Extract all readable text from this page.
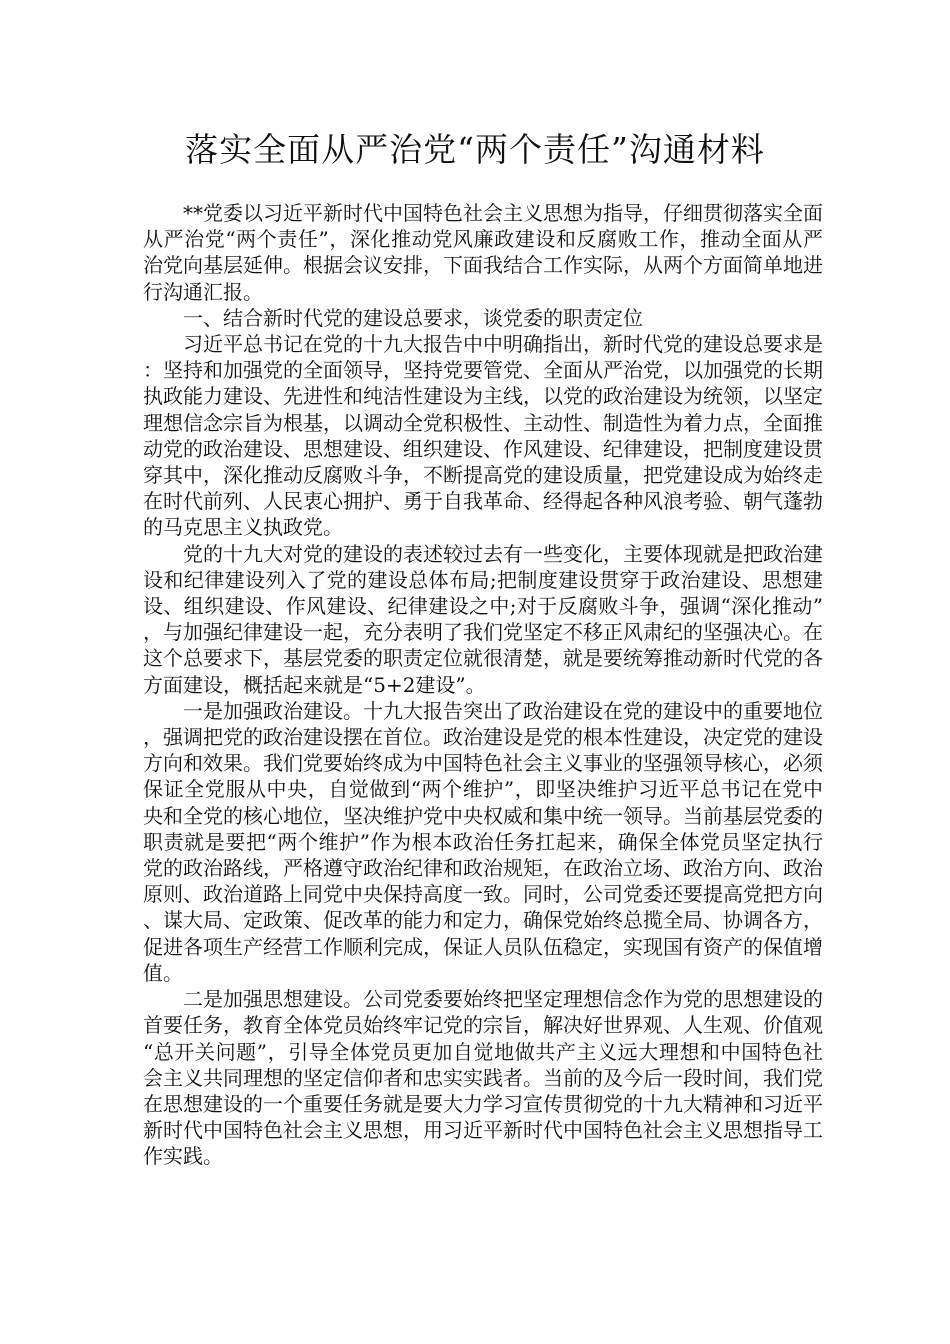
落实全面从严治党“两个责任”沟通材料

**党委以习近平新时代中国特色社会主义思想为指导，仔细贯彻落实全面从严治党“两个责任”，深化推动党风廉政建设和反腐败工作，推动全面从严治党向基层延伸。根据会议安排，下面我结合工作实际，从两个方面简单地进行沟通汇报。

一、结合新时代党的建设总要求，谈党委的职责定位

习近平总书记在党的十九大报告中中明确指出，新时代党的建设总要求是：坚持和加强党的全面领导，坚持党要管党、全面从严治党，以加强党的长期执政能力建设、先进性和纯洁性建设为主线，以党的政治建设为统领，以坚定理想信念宗旨为根基，以调动全党积极性、主动性、制造性为着力点，全面推动党的政治建设、思想建设、组织建设、作风建设、纪律建设，把制度建设贯穿其中，深化推动反腐败斗争，不断提高党的建设质量，把党建设成为始终走在时代前列、人民衷心拥护、勇于自我革命、经得起各种风浪考验、朝气蓬勃的马克思主义执政党。

党的十九大对党的建设的表述较过去有一些变化，主要体现就是把政治建设和纪律建设列入了党的建设总体布局;把制度建设贯穿于政治建设、思想建设、组织建设、作风建设、纪律建设之中;对于反腐败斗争，强调“深化推动”，与加强纪律建设一起，充分表明了我们党坚定不移正风肃纪的坚强决心。在这个总要求下，基层党委的职责定位就很清楚，就是要统筹推动新时代党的各方面建设，概括起来就是“5+2建设”。

一是加强政治建设。十九大报告突出了政治建设在党的建设中的重要地位，强调把党的政治建设摆在首位。政治建设是党的根本性建设，决定党的建设方向和效果。我们党要始终成为中国特色社会主义事业的坚强领导核心，必须保证全党服从中央，自觉做到“两个维护”，即坚决维护习近平总书记在党中央和全党的核心地位，坚决维护党中央权威和集中统一领导。当前基层党委的职责就是要把“两个维护”作为根本政治任务扛起来，确保全体党员坚定执行党的政治路线，严格遵守政治纪律和政治规矩，在政治立场、政治方向、政治原则、政治道路上同党中央保持高度一致。同时，公司党委还要提高党把方向、谋大局、定政策、促改革的能力和定力，确保党始终总揽全局、协调各方，促进各项生产经营工作顺利完成，保证人员队伍稳定，实现国有资产的保值增值。

二是加强思想建设。公司党委要始终把坚定理想信念作为党的思想建设的首要任务，教育全体党员始终牢记党的宗旨，解决好世界观、人生观、价值观“总开关问题”，引导全体党员更加自觉地做共产主义远大理想和中国特色社会主义共同理想的坚定信仰者和忠实实践者。当前的及今后一段时间，我们党在思想建设的一个重要任务就是要大力学习宣传贯彻党的十九大精神和习近平新时代中国特色社会主义思想，用习近平新时代中国特色社会主义思想指导工作实践。
